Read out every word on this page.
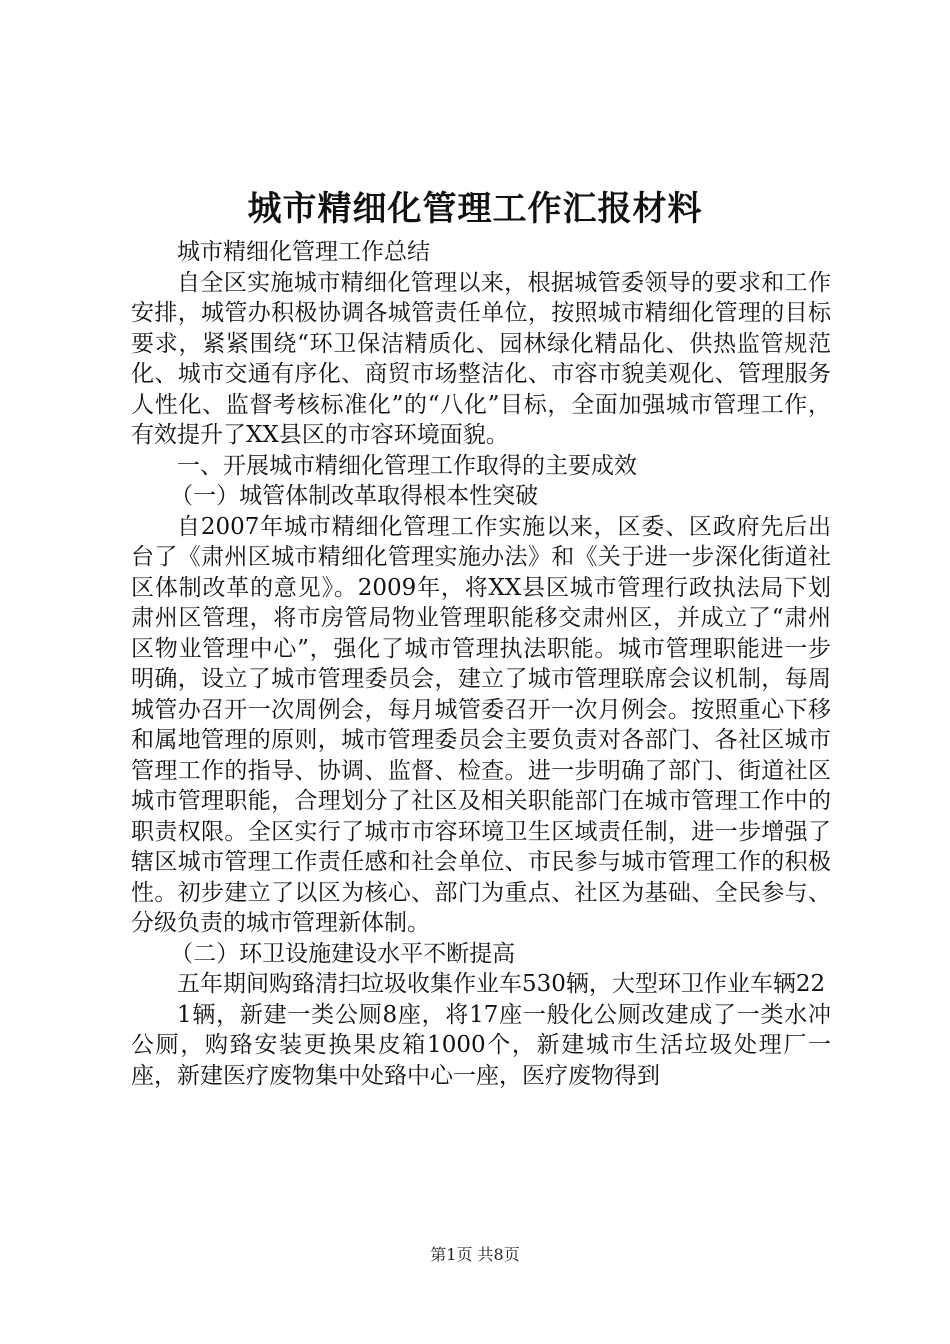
城市精细化管理工作汇报材料

城市精细化管理工作总结

自全区实施城市精细化管理以来，根据城管委领导的要求和工作安排，城管办积极协调各城管责任单位，按照城市精细化管理的目标要求，紧紧围绕“环卫保洁精质化、园林绿化精品化、供热监管规范化、城市交通有序化、商贸市场整洁化、市容市貌美观化、管理服务人性化、监督考核标准化”的“八化”目标，全面加强城市管理工作，有效提升了XX县区的市容环境面貌。

一、开展城市精细化管理工作取得的主要成效

（一）城管体制改革取得根本性突破

自2007年城市精细化管理工作实施以来，区委、区政府先后出台了《肃州区城市精细化管理实施办法》和《关于进一步深化街道社区体制改革的意见》。2009年，将XX县区城市管理行政执法局下划肃州区管理，将市房管局物业管理职能移交肃州区，并成立了“肃州区物业管理中心”，强化了城市管理执法职能。城市管理职能进一步明确，设立了城市管理委员会，建立了城市管理联席会议机制，每周城管办召开一次周例会，每月城管委召开一次月例会。按照重心下移和属地管理的原则，城市管理委员会主要负责对各部门、各社区城市管理工作的指导、协调、监督、检查。进一步明确了部门、街道社区城市管理职能，合理划分了社区及相关职能部门在城市管理工作中的职责权限。全区实行了城市市容环境卫生区域责任制，进一步增强了辖区城市管理工作责任感和社会单位、市民参与城市管理工作的积极性。初步建立了以区为核心、部门为重点、社区为基础、全民参与、分级负责的城市管理新体制。

（二）环卫设施建设水平不断提高

五年期间购臵清扫垃圾收集作业车530辆，大型环卫作业车辆22

1辆，新建一类公厕8座，将17座一般化公厕改建成了一类水冲公厕，购臵安装更换果皮箱1000个，新建城市生活垃圾处理厂一座，新建医疗废物集中处臵中心一座，医疗废物得到

第1页 共8页
